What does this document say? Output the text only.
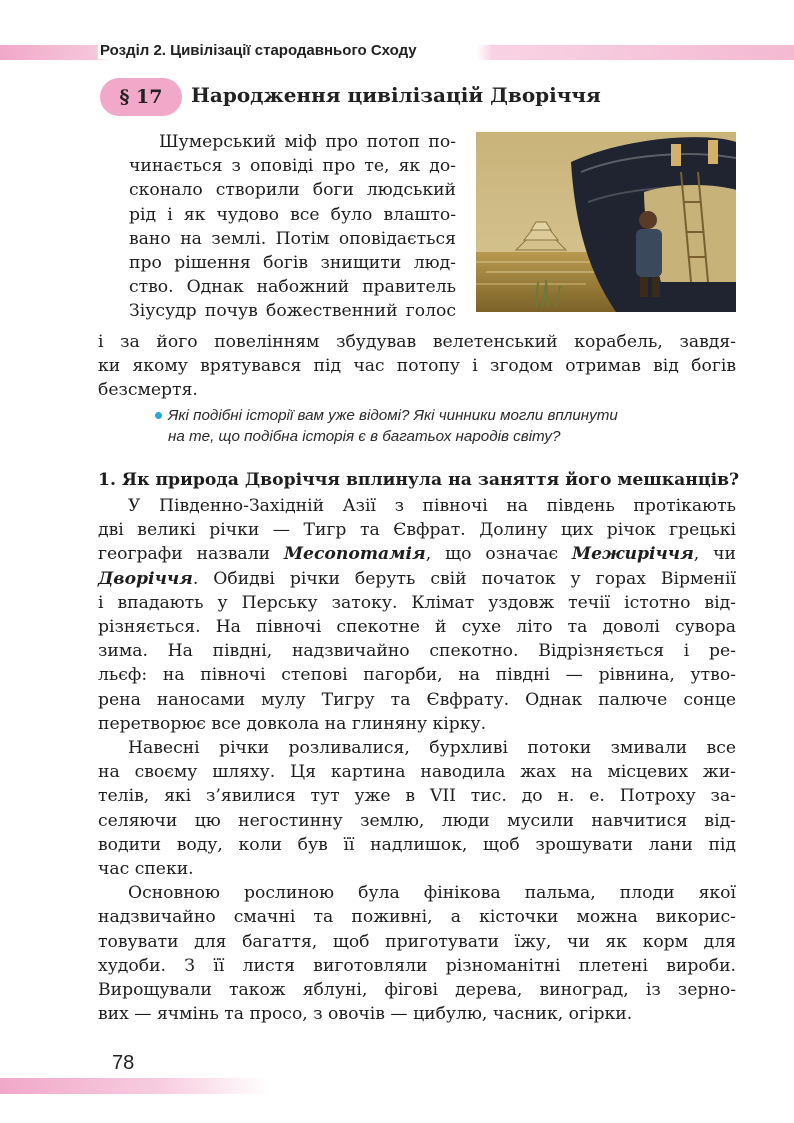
Розділ 2. Цивілізації стародавнього Сходу
§ 17	Народження цивілізацій Дворіччя
Шумерський міф про потоп по-
чинається з оповіді про те, як до-
сконало створили боги людський
рід і як чудово все було влашто-
вано на землі. Потім оповідається
про рішення богів знищити люд-
ство. Однак набожний правитель
Зіусудр почув божественний голос
і за його повелінням збудував велетенський корабель, завдя-
ки якому врятувався під час потопу і згодом отримав від богів
безсмертя.
Які подібні історії вам уже відомі? Які чинники могли вплинути
на те, що подібна історія є в багатьох народів світу?
1. Як природа Дворіччя вплинула на заняття його мешканців?
У Південно-Західній Азії з півночі на південь протікають
дві великі річки — Тигр та Євфрат. Долину цих річок грецькі
географи назвали Месопотамія, що означає Межиріччя, чи
Дворіччя. Обидві річки беруть свій початок у горах Вірменії
і впадають у Перську затоку. Клімат уздовж течії істотно від-
різняється. На півночі спекотне й сухе літо та доволі сувора
зима. На півдні, надзвичайно спекотно. Відрізняється і ре-
льєф: на півночі степові пагорби, на півдні — рівнина, утво-
рена наносами мулу Тигру та Євфрату. Однак палюче сонце
перетворює все довкола на глиняну кірку.
Навесні річки розливалися, бурхливі потоки змивали все
на своєму шляху. Ця картина наводила жах на місцевих жи-
телів, які з’явилися тут уже в VII тис. до н. е. Потроху за-
селяючи цю негостинну землю, люди мусили навчитися від-
водити воду, коли був її надлишок, щоб зрошувати лани під
час спеки.
Основною рослиною була фінікова пальма, плоди якої
надзвичайно смачні та поживні, а кісточки можна викорис-
товувати для багаття, щоб приготувати їжу, чи як корм для
худоби. З її листя виготовляли різноманітні плетені вироби.
Вирощували також яблуні, фігові дерева, виноград, із зерно-
вих — ячмінь та просо, з овочів — цибулю, часник, огірки.
78
